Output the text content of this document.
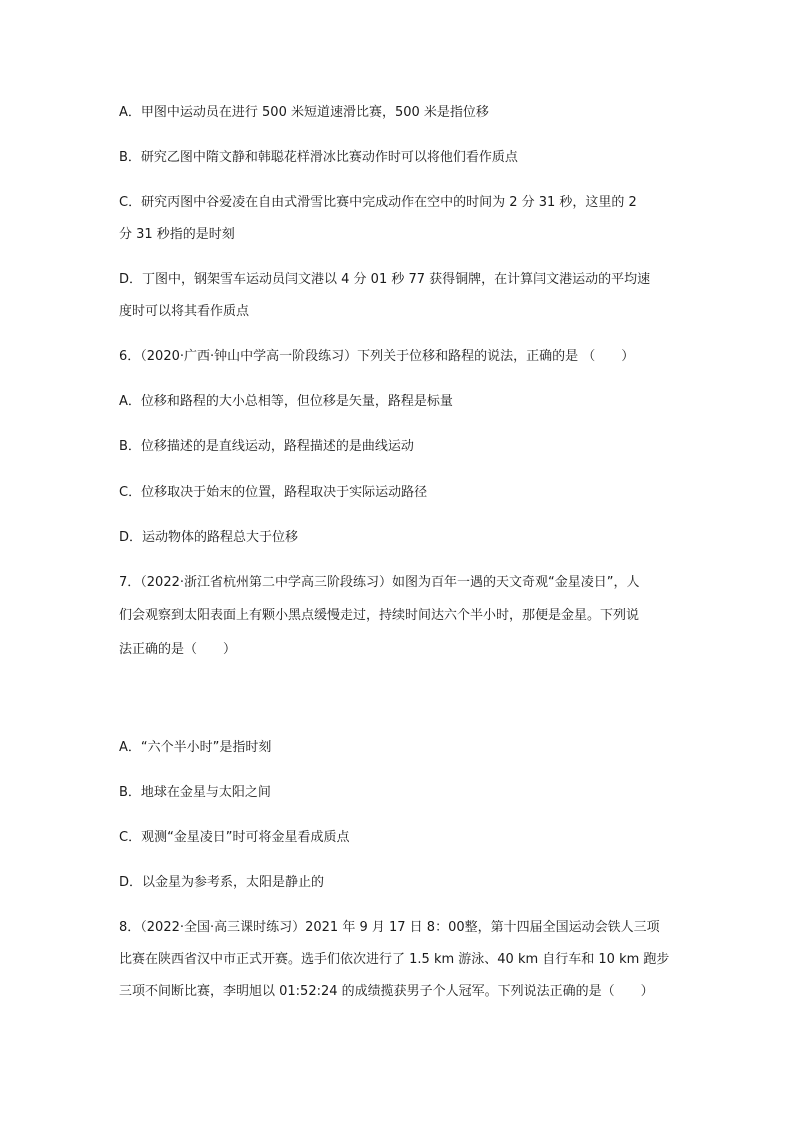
A．甲图中运动员在进行 500 米短道速滑比赛，500 米是指位移
B．研究乙图中隋文静和韩聪花样滑冰比赛动作时可以将他们看作质点
C．研究丙图中谷爱凌在自由式滑雪比赛中完成动作在空中的时间为 2 分 31 秒，这里的 2
分 31 秒指的是时刻
D．丁图中，钢架雪车运动员闫文港以 4 分 01 秒 77 获得铜牌，在计算闫文港运动的平均速
度时可以将其看作质点
6．（2020·广西·钟山中学高一阶段练习）下列关于位移和路程的说法，正确的是 （　　）
A．位移和路程的大小总相等，但位移是矢量，路程是标量
B．位移描述的是直线运动，路程描述的是曲线运动
C．位移取决于始末的位置，路程取决于实际运动路径
D．运动物体的路程总大于位移
7．（2022·浙江省杭州第二中学高三阶段练习）如图为百年一遇的天文奇观“金星凌日”，人
们会观察到太阳表面上有颗小黑点缓慢走过，持续时间达六个半小时，那便是金星。下列说
法正确的是（　　）
A．“六个半小时”是指时刻
B．地球在金星与太阳之间
C．观测“金星凌日”时可将金星看成质点
D．以金星为参考系，太阳是静止的
8．（2022·全国·高三课时练习）2021 年 9 月 17 日 8：00整，第十四届全国运动会铁人三项
比赛在陕西省汉中市正式开赛。选手们依次进行了 1.5 km 游泳、40 km 自行车和 10 km 跑步
三项不间断比赛，李明旭以 01:52:24 的成绩揽获男子个人冠军。下列说法正确的是（　　）
